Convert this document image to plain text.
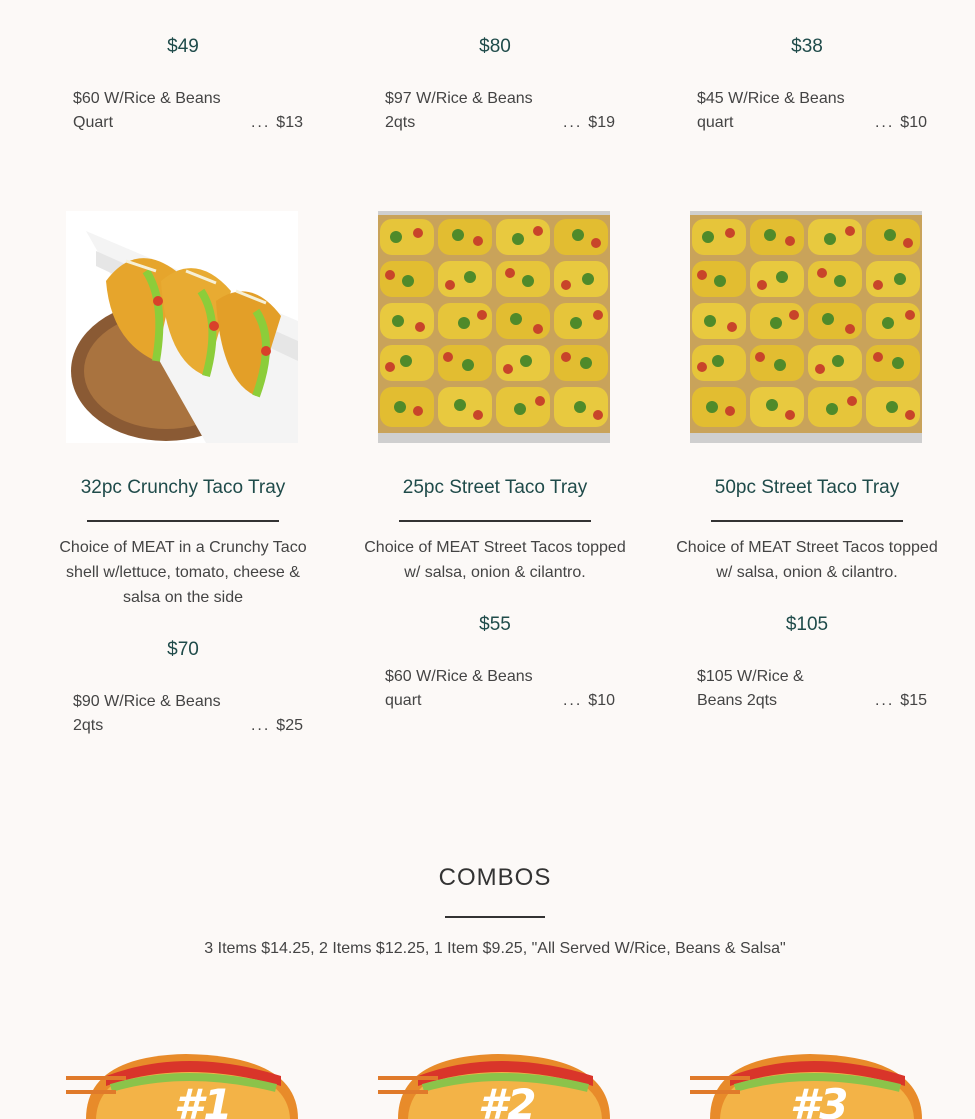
$49	$80	$38
$60 W/Rice & Beans Quart	... $13
$97 W/Rice & Beans 2qts	... $19
$45 W/Rice & Beans quart	... $10
32pc Crunchy Taco Tray	25pc Street Taco Tray	50pc Street Taco Tray
Choice of MEAT in a Crunchy Taco shell w/lettuce, tomato, cheese & salsa on the side
Choice of MEAT Street Tacos topped w/ salsa, onion & cilantro.
Choice of MEAT Street Tacos topped w/ salsa, onion & cilantro.
$70
$55	$105
$90 W/Rice & Beans 2qts	... $25
$60 W/Rice & Beans quart	... $10
$105 W/Rice & Beans 2qts	... $15
COMBOS
3 Items $14.25, 2 Items $12.25, 1 Item $9.25, "All Served W/Rice, Beans & Salsa"
#1	#2	#3
